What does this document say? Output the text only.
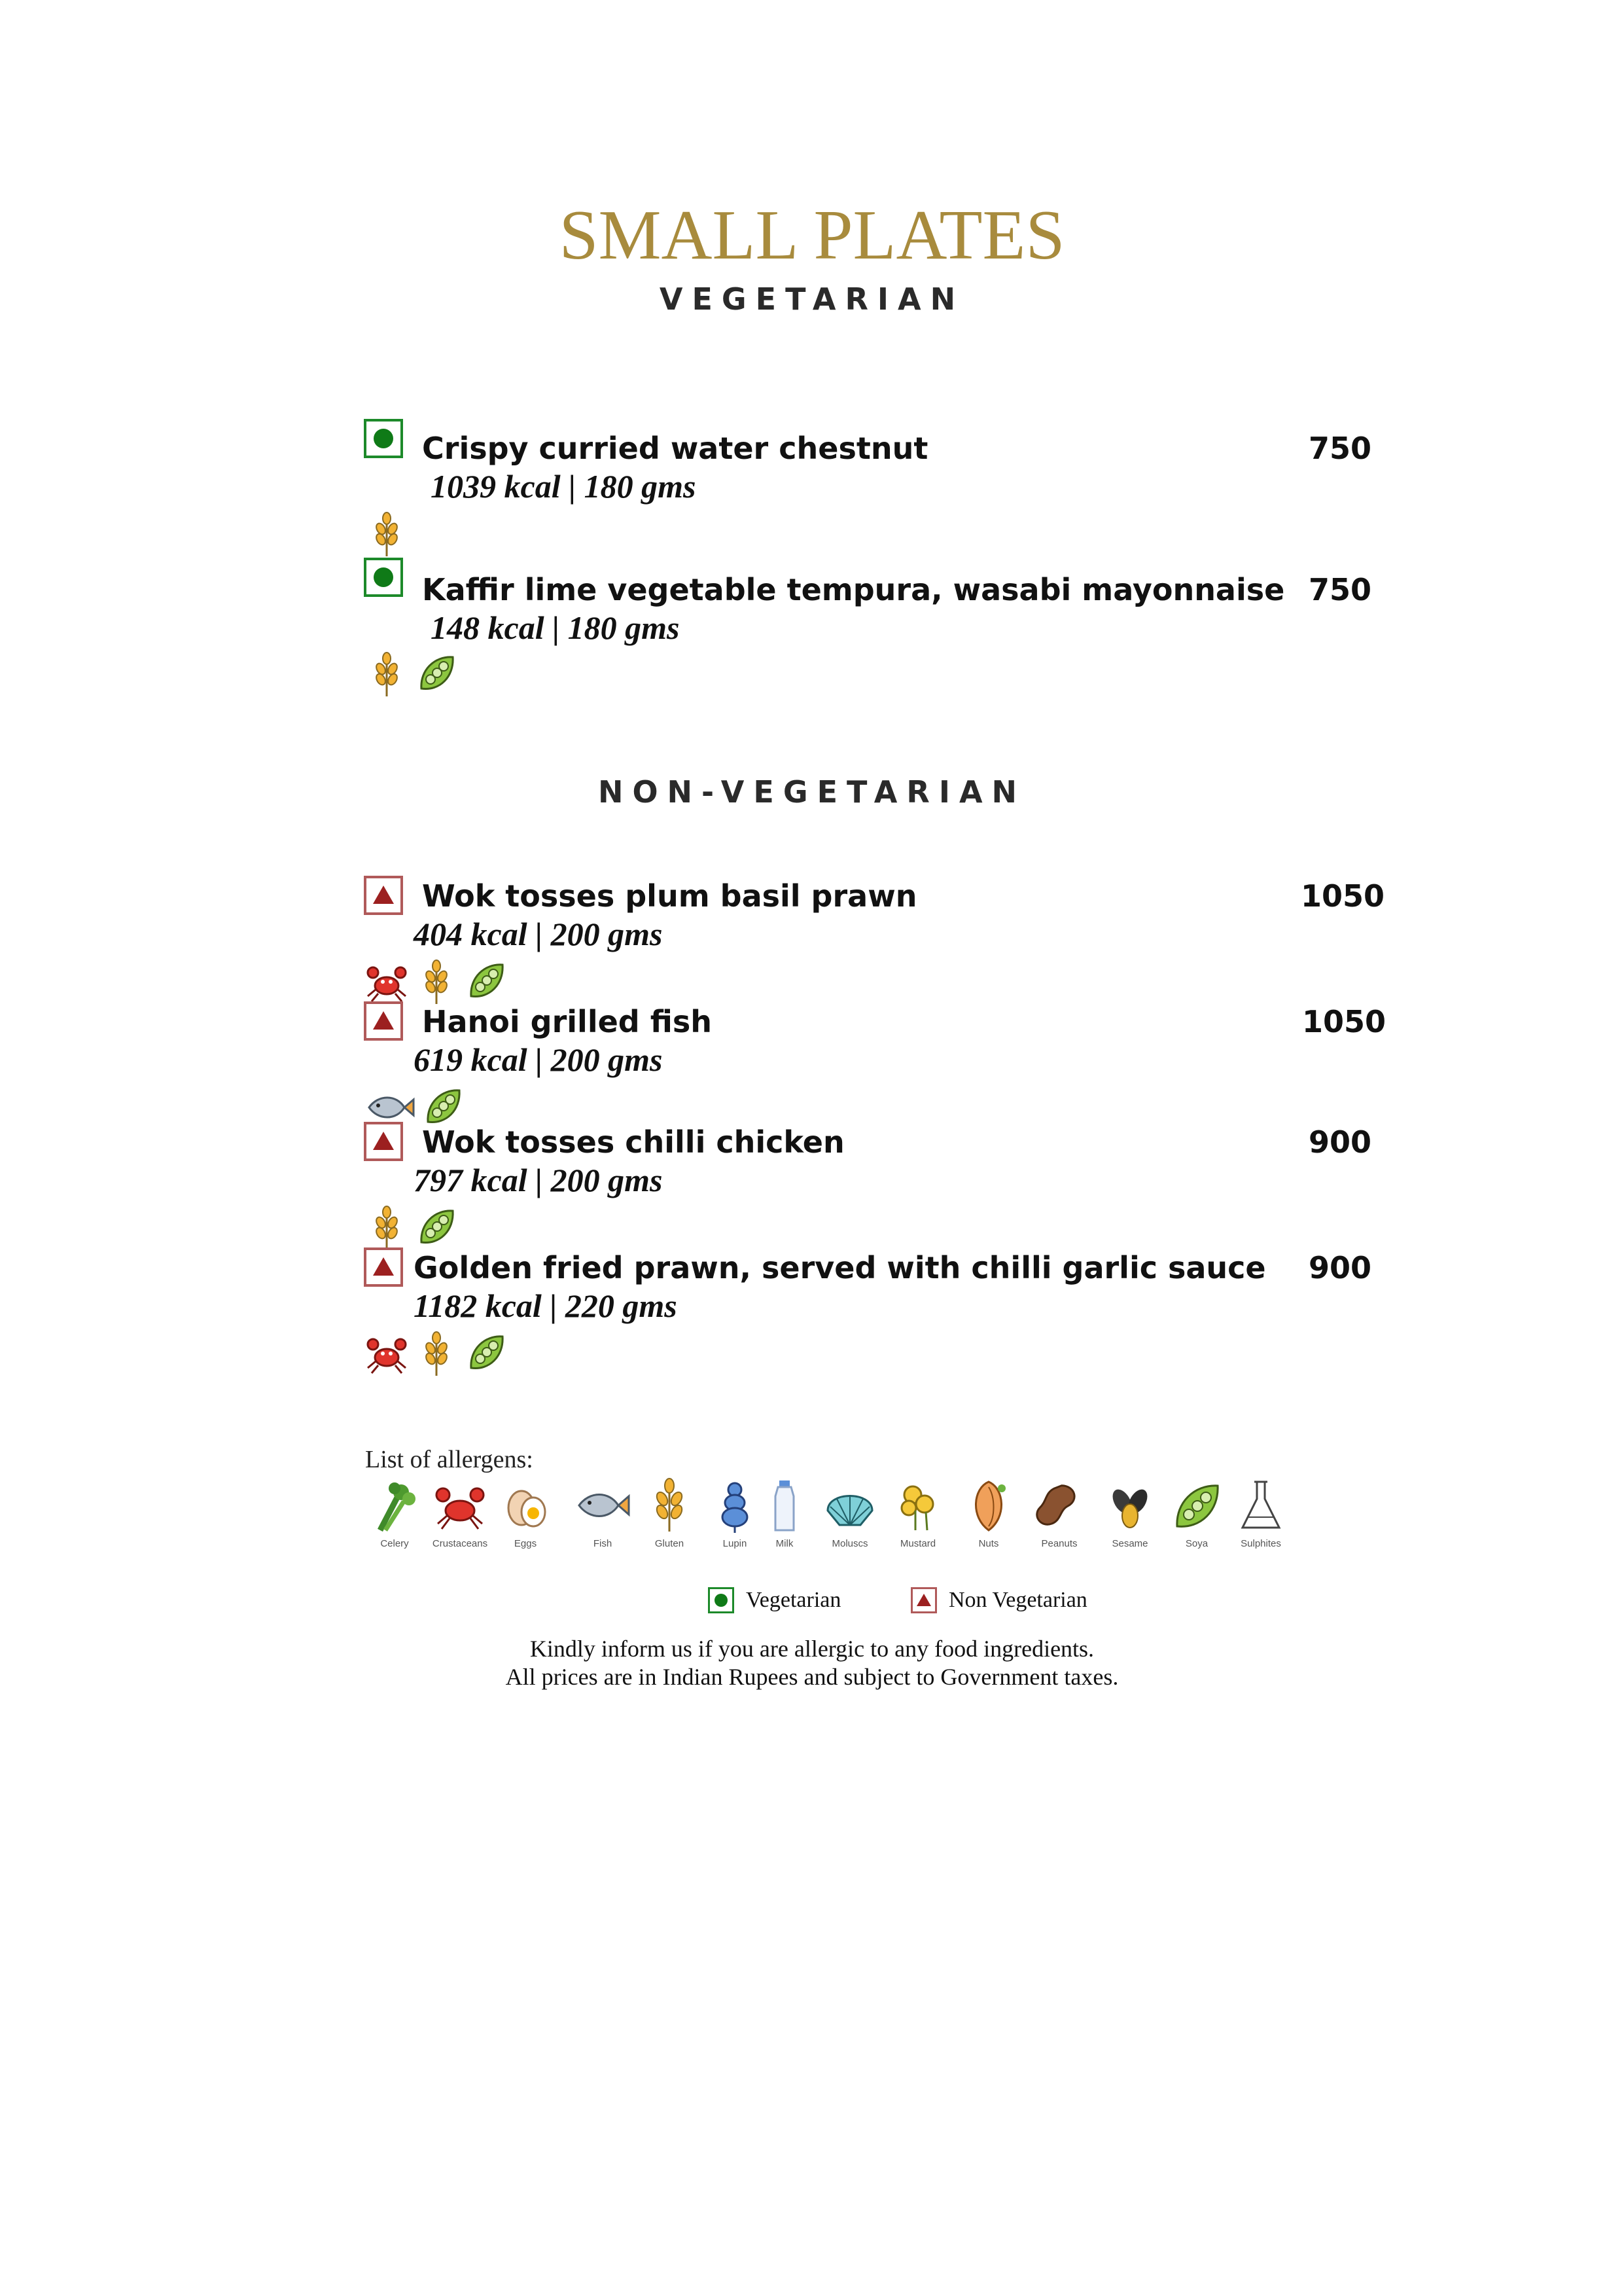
SMALL PLATES
VEGETARIAN
Crispy curried water chestnut	750
1039 kcal | 180 gms
Kaffir lime vegetable tempura, wasabi mayonnaise 750
148 kcal | 180 gms
NON-VEGETARIAN
Wok tosses plum basil prawn	1050
404 kcal | 200 gms
Hanoi grilled fish	1050
619 kcal | 200 gms
Wok tosses chilli chicken	900
797 kcal | 200 gms
Golden fried prawn, served with chilli garlic sauce 900
1182 kcal | 220 gms
List of allergens:
Celery	Crustaceans	Eggs	Fish	Gluten	Lupin	Milk	Moluscs	Mustard	Nuts	Peanuts	Sesame	Soya	Sulphites
Vegetarian	Non Vegetarian
Kindly inform us if you are allergic to any food ingredients.
All prices are in Indian Rupees and subject to Government taxes.
